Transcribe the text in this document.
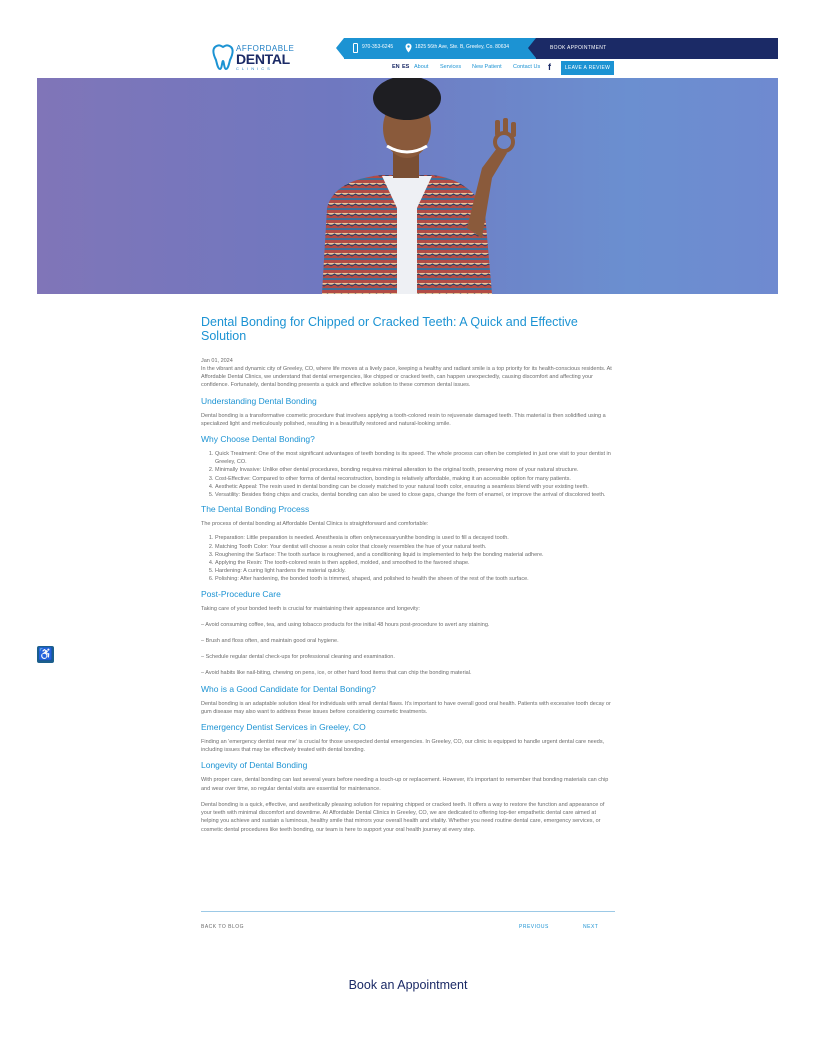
AFFORDABLE
DENTAL
CLINICS
970-353-6245	1825 56th Ave, Ste. B, Greeley, Co. 80634	BOOK APPOINTMENT
EN ES About Services New Patient Contact Us f	LEAVE A REVIEW
♿
Dental Bonding for Chipped or Cracked Teeth: A Quick and Effective Solution

Jan 01, 2024

In the vibrant and dynamic city of Greeley, CO, where life moves at a lively pace, keeping a healthy and radiant smile is a top priority for its health-conscious residents. At Affordable Dental Clinics, we understand that dental emergencies, like chipped or cracked teeth, can happen unexpectedly, causing discomfort and affecting your confidence. Fortunately, dental bonding presents a quick and effective solution to these common dental issues.

Understanding Dental Bonding

Dental bonding is a transformative cosmetic procedure that involves applying a tooth-colored resin to rejuvenate damaged teeth. This material is then solidified using a specialized light and meticulously polished, resulting in a beautifully restored and natural-looking smile.

Why Choose Dental Bonding?
1. Quick Treatment: One of the most significant advantages of teeth bonding is its speed. The whole process can often be completed in just one visit to your dentist in Greeley, CO.
2. Minimally Invasive: Unlike other dental procedures, bonding requires minimal alteration to the original tooth, preserving more of your natural structure.
3. Cost-Effective: Compared to other forms of dental reconstruction, bonding is relatively affordable, making it an accessible option for many patients.
4. Aesthetic Appeal: The resin used in dental bonding can be closely matched to your natural tooth color, ensuring a seamless blend with your existing teeth.
5. Versatility: Besides fixing chips and cracks, dental bonding can also be used to close gaps, change the form of enamel, or improve the arrival of discolored teeth.
The Dental Bonding Process

The process of dental bonding at Affordable Dental Clinics is straightforward and comfortable:

1. Preparation: Little preparation is needed. Anesthesia is often onlynecessaryunlthe bonding is used to fill a decayed tooth.
2. Matching Tooth Color: Your dentist will choose a resin color that closely resembles the hue of your natural teeth.
3. Roughening the Surface: The tooth surface is roughened, and a conditioning liquid is implemented to help the bonding material adhere.
4. Applying the Resin: The tooth-colored resin is then applied, molded, and smoothed to the favored shape.
5. Hardening: A curing light hardens the material quickly.
6. Polishing: After hardening, the bonded tooth is trimmed, shaped, and polished to health the sheen of the rest of the tooth surface.
Post-Procedure Care

Taking care of your bonded teeth is crucial for maintaining their appearance and longevity:

– Avoid consuming coffee, tea, and using tobacco products for the initial 48 hours post-procedure to avert any staining.

– Brush and floss often, and maintain good oral hygiene.

– Schedule regular dental check-ups for professional cleaning and examination.

– Avoid habits like nail-biting, chewing on pens, ice, or other hard food items that can chip the bonding material.

Who is a Good Candidate for Dental Bonding?

Dental bonding is an adaptable solution ideal for individuals with small dental flaws. It's important to have overall good oral health. Patients with excessive tooth decay or gum disease may also want to address these issues before considering cosmetic treatments.

Emergency Dentist Services in Greeley, CO

Finding an 'emergency dentist near me' is crucial for those unexpected dental emergencies. In Greeley, CO, our clinic is equipped to handle urgent dental care needs, including issues that may be effectively treated with dental bonding.

Longevity of Dental Bonding

With proper care, dental bonding can last several years before needing a touch-up or replacement. However, it's important to remember that bonding materials can chip and wear over time, so regular dental visits are essential for maintenance.

Dental bonding is a quick, effective, and aesthetically pleasing solution for repairing chipped or cracked teeth. It offers a way to restore the function and appearance of your teeth with minimal discomfort and downtime. At Affordable Dental Clinics in Greeley, CO, we are dedicated to offering top-tier empathetic dental care aimed at helping you achieve and sustain a luminous, healthy smile that mirrors your overall health and vitality. Whether you need routine dental care, emergency services, or cosmetic dental procedures like teeth bonding, our team is here to support your oral health journey at every step.

BACK TO BLOG	PREVIOUS	NEXT
Book an Appointment
